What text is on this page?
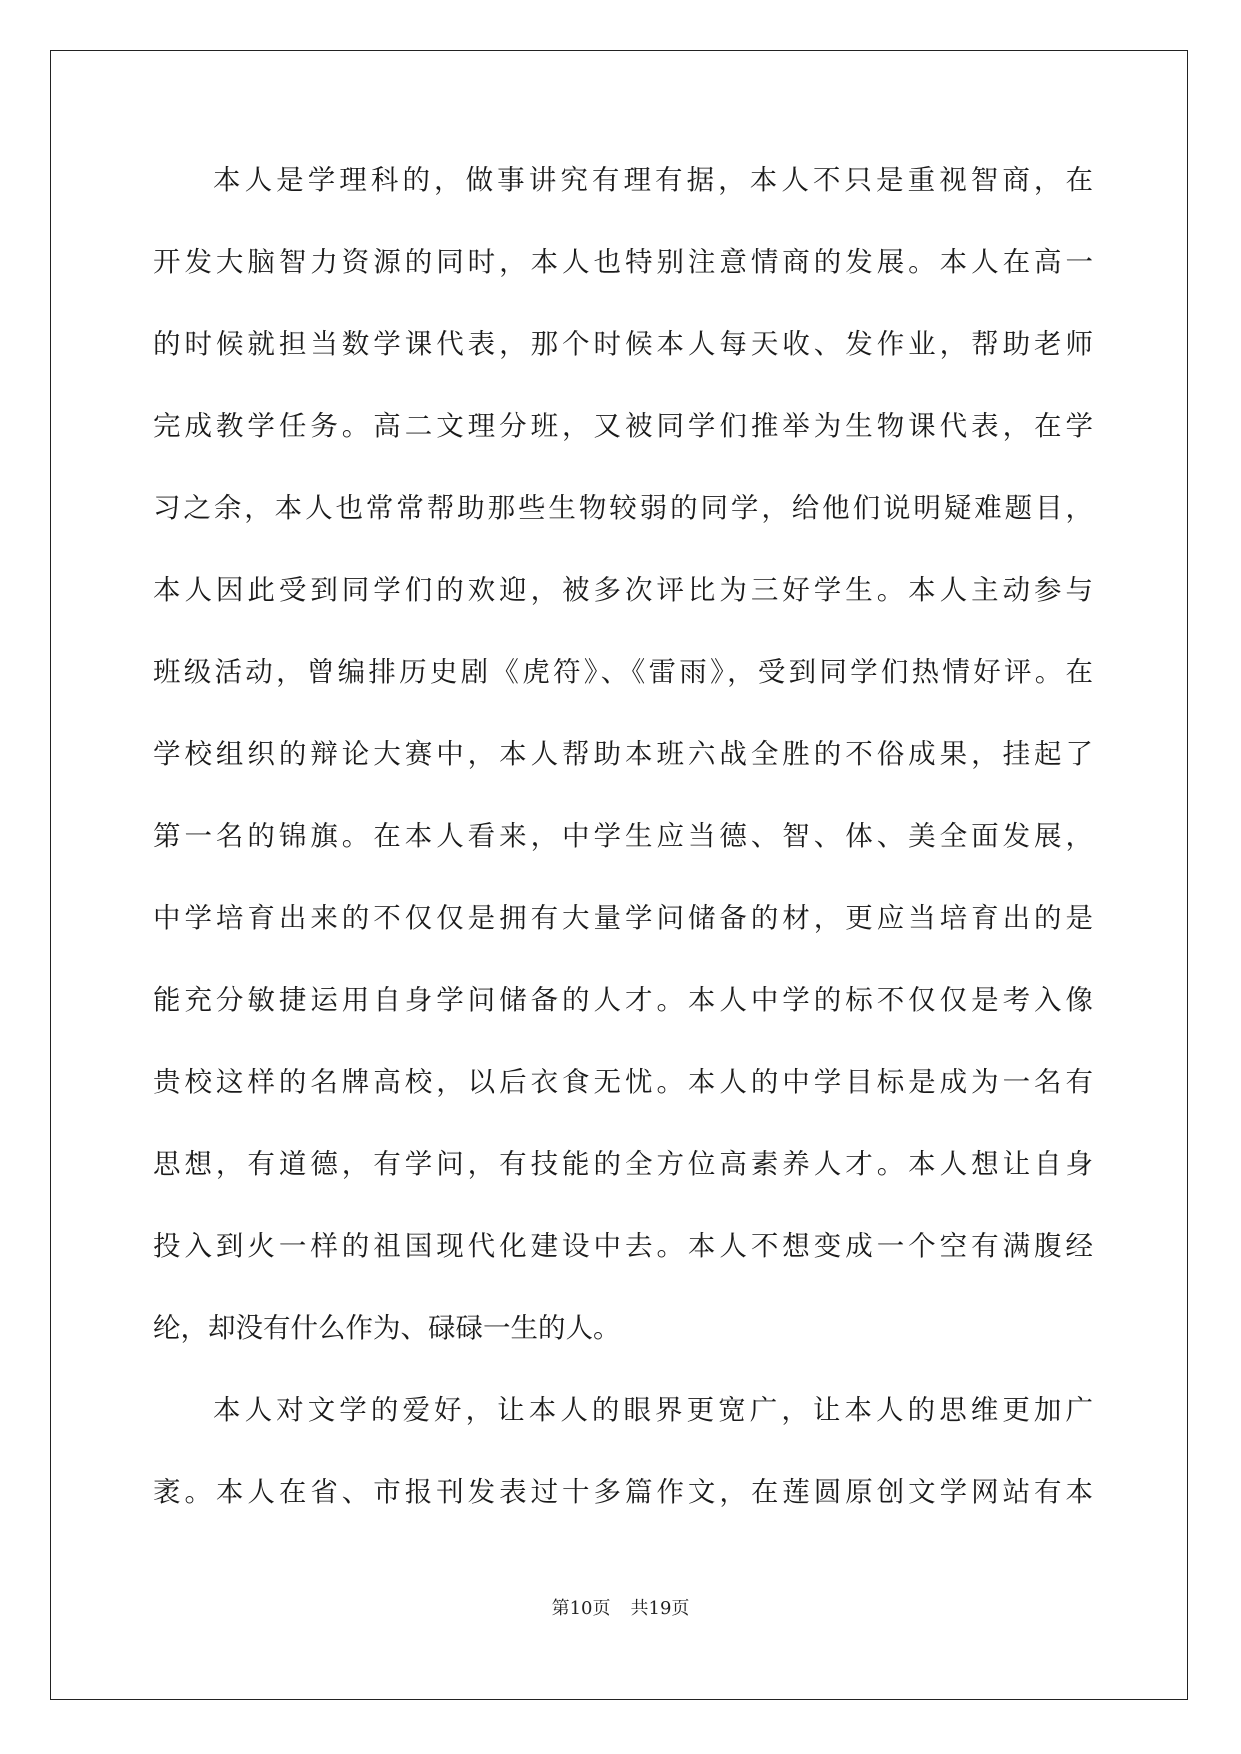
本人是学理科的，做事讲究有理有据，本人不只是重视智商，在
开发大脑智力资源的同时，本人也特别注意情商的发展。本人在高一
的时候就担当数学课代表，那个时候本人每天收、发作业，帮助老师
完成教学任务。高二文理分班，又被同学们推举为生物课代表，在学
习之余，本人也常常帮助那些生物较弱的同学，给他们说明疑难题目，
本人因此受到同学们的欢迎，被多次评比为三好学生。本人主动参与
班级活动，曾编排历史剧《虎符》、《雷雨》，受到同学们热情好评。在
学校组织的辩论大赛中，本人帮助本班六战全胜的不俗成果，挂起了
第一名的锦旗。在本人看来，中学生应当德、智、体、美全面发展，
中学培育出来的不仅仅是拥有大量学问储备的材，更应当培育出的是
能充分敏捷运用自身学问储备的人才。本人中学的标不仅仅是考入像
贵校这样的名牌高校，以后衣食无忧。本人的中学目标是成为一名有
思想，有道德，有学问，有技能的全方位高素养人才。本人想让自身
投入到火一样的祖国现代化建设中去。本人不想变成一个空有满腹经
纶，却没有什么作为、碌碌一生的人。
本人对文学的爱好，让本人的眼界更宽广，让本人的思维更加广
袤。本人在省、市报刊发表过十多篇作文，在莲圆原创文学网站有本
第10页 共19页
